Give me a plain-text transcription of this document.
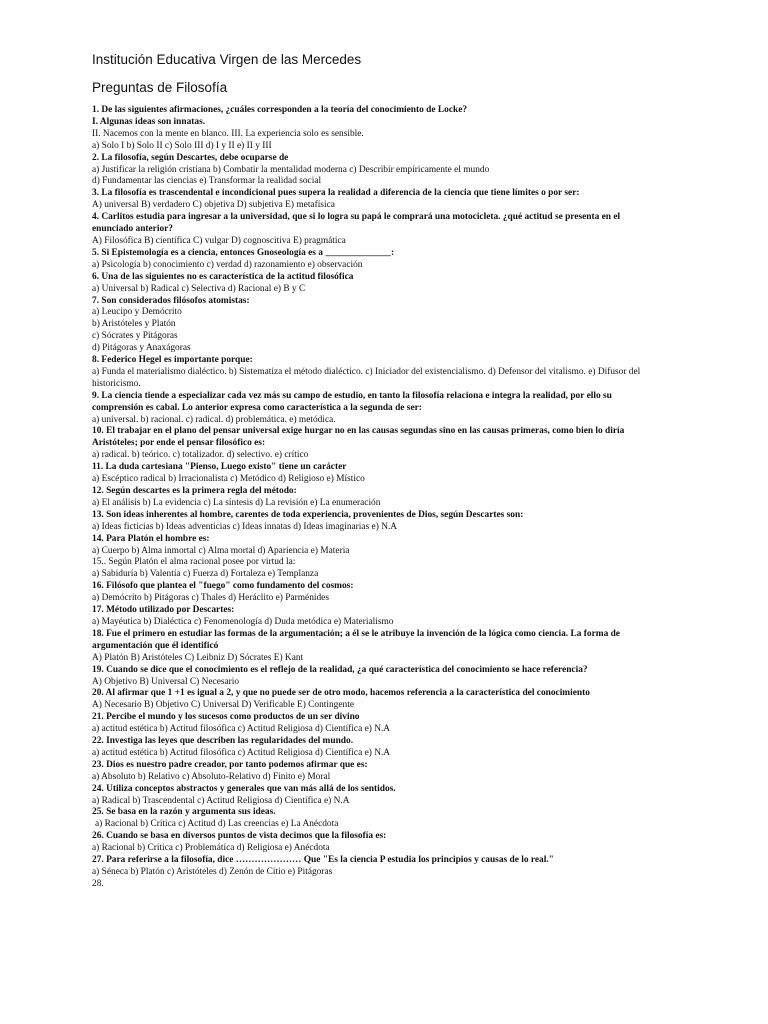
Institución Educativa Virgen de las Mercedes
Preguntas de Filosofía
1. De las siguientes afirmaciones, ¿cuáles corresponden a la teoría del conocimiento de Locke?
I. Algunas ideas son innatas.
II. Nacemos con la mente en blanco. III. La experiencia solo es sensible.
a) Solo I b) Solo II c) Solo III d) I y II e) II y III
2. La filosofía, según Descartes, debe ocuparse de
a) Justificar la religión cristiana b) Combatir la mentalidad moderna c) Describir empíricamente el mundo
d) Fundamentar las ciencias e) Transformar la realidad social
3. La filosofía es trascendental e incondicional pues supera la realidad a diferencia de la ciencia que tiene límites o por ser:
A) universal B) verdadero C) objetiva D) subjetiva E) metafísica
4. Carlitos estudia para ingresar a la universidad, que si lo logra su papá le comprará una motocicleta. ¿qué actitud se presenta en el
enunciado anterior?
A) Filosófica B) científica C) vulgar D) cognoscitiva E) pragmática
5. Si Epistemología es a ciencia, entonces Gnoseología es a ______________:
a) Psicología b) conocimiento c) verdad d) razonamiento e) observación
6. Una de las siguientes no es característica de la actitud filosófica
a) Universal b) Radical c) Selectiva d) Racional e) B y C
7. Son considerados filósofos atomistas:
a) Leucipo y Demócrito
b) Aristóteles y Platón
c) Sócrates y Pitágoras
d) Pitágoras y Anaxágoras
8. Federico Hegel es importante porque:
a) Funda el materialismo dialéctico. b) Sistematiza el método dialéctico. c) Iniciador del existencialismo. d) Defensor del vitalismo. e) Difusor del
historicismo.
9. La ciencia tiende a especializar cada vez más su campo de estudio, en tanto la filosofía relaciona e integra la realidad, por ello su
comprensión es cabal. Lo anterior expresa como característica a la segunda de ser:
a) universal. b) racional. c) radical. d) problemática. e) metódica.
10. El trabajar en el plano del pensar universal exige hurgar no en las causas segundas sino en las causas primeras, como bien lo diría
Aristóteles; por ende el pensar filosófico es:
a) radical. b) teórico. c) totalizador. d) selectivo. e) crítico
11. La duda cartesiana "Pienso, Luego existo" tiene un carácter
a) Escéptico radical b) Irracionalista c) Metódico d) Religioso e) Místico
12. Según descartes es la primera regla del método:
a) El análisis b) La evidencia c) La síntesis d) La revisión e) La enumeración
13. Son ideas inherentes al hombre, carentes de toda experiencia, provenientes de Dios, según Descartes son:
a) Ideas ficticias b) Ideas adventicias c) Ideas innatas d) Ideas imaginarias e) N.A
14. Para Platón el hombre es:
a) Cuerpo b) Alma inmortal c) Alma mortal d) Apariencia e) Materia
15.. Según Platón el alma racional posee por virtud la:
a) Sabiduría b) Valentía c) Fuerza d) Fortaleza e) Templanza
16. Filósofo que plantea el "fuego" como fundamento del cosmos:
a) Demócrito b) Pitágoras c) Thales d) Heráclito e) Parménides
17. Método utilizado por Descartes:
a) Mayéutica b) Dialéctica c) Fenomenología d) Duda metódica e) Materialismo
18. Fue el primero en estudiar las formas de la argumentación; a él se le atribuye la invención de la lógica como ciencia. La forma de
argumentación que él identificó
A) Platón B) Aristóteles C) Leibniz D) Sócrates E) Kant
19. Cuando se dice que el conocimiento es el reflejo de la realidad, ¿a qué característica del conocimiento se hace referencia?
A) Objetivo B) Universal C) Necesario
20. Al afirmar que 1 +1 es igual a 2, y que no puede ser de otro modo, hacemos referencia a la característica del conocimiento
A) Necesario B) Objetivo C) Universal D) Verificable E) Contingente
21. Percibe el mundo y los sucesos como productos de un ser divino
a) actitud estética b) Actitud filosófica c) Actitud Religiosa d) Científica e) N.A
22. Investiga las leyes que describen las regularidades del mundo.
a) actitud estética b) Actitud filosófica c) Actitud Religiosa d) Científica e) N.A
23. Dios es nuestro padre creador, por tanto podemos afirmar que es:
a) Absoluto b) Relativo c) Absoluto-Relativo d) Finito e) Moral
24. Utiliza conceptos abstractos y generales que van más allá de los sentidos.
a) Radical b) Trascendental c) Actitud Religiosa d) Científica e) N.A
25. Se basa en la razón y argumenta sus ideas.
a) Racional b) Crítica c) Actitud d) Las creencias e) La Anécdota
26. Cuando se basa en diversos puntos de vista decimos que la filosofía es:
a) Racional b) Crítica c) Problemática d) Religiosa e) Anécdota
27. Para referirse a la filosofía, dice ………………… Que "Es la ciencia P estudia los principios y causas de lo real."
a) Séneca b) Platón c) Aristóteles d) Zenón de Citio e) Pitágoras
28.
